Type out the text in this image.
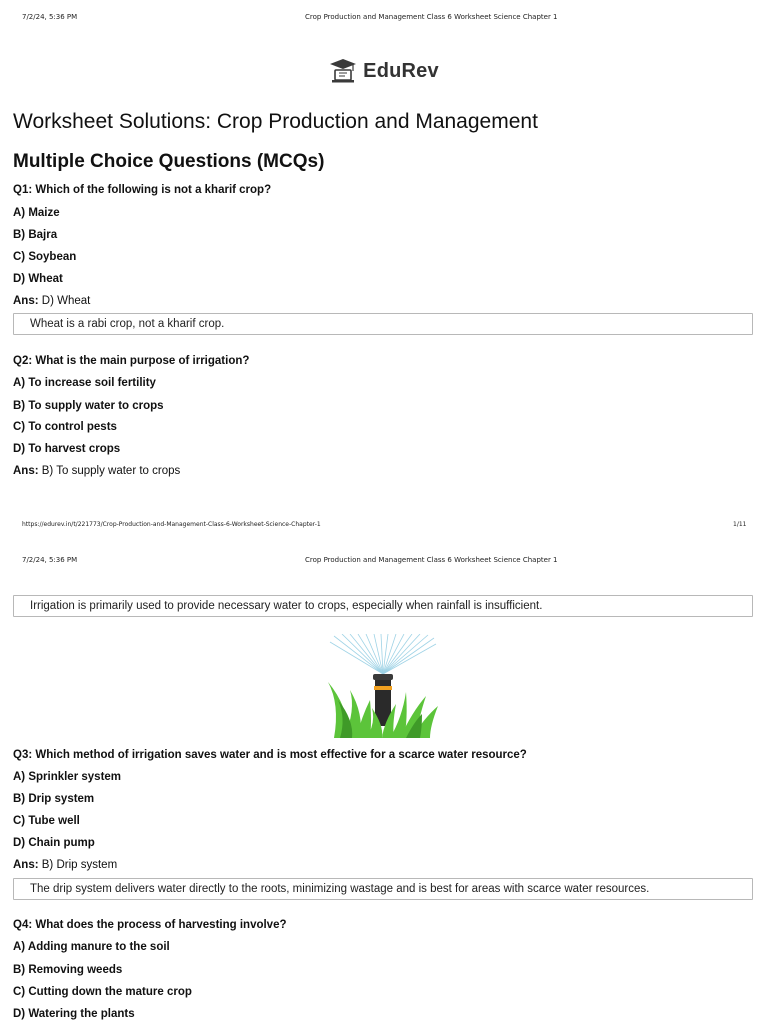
7/2/24, 5:36 PM	Crop Production and Management Class 6 Worksheet Science Chapter 1
EduRev
Worksheet Solutions: Crop Production and Management
Multiple Choice Questions (MCQs)
Q1: Which of the following is not a kharif crop?
A) Maize
B) Bajra
C) Soybean
D) Wheat
Ans: D) Wheat
Wheat is a rabi crop, not a kharif crop.
Q2: What is the main purpose of irrigation?
A) To increase soil fertility
B) To supply water to crops
C) To control pests
D) To harvest crops
Ans: B) To supply water to crops
https://edurev.in/t/221773/Crop-Production-and-Management-Class-6-Worksheet-Science-Chapter-1	1/11
7/2/24, 5:36 PM	Crop Production and Management Class 6 Worksheet Science Chapter 1
Irrigation is primarily used to provide necessary water to crops, especially when rainfall is insufficient.
Q3: Which method of irrigation saves water and is most effective for a scarce water resource?
A) Sprinkler system
B) Drip system
C) Tube well
D) Chain pump
Ans: B) Drip system
The drip system delivers water directly to the roots, minimizing wastage and is best for areas with scarce water resources.
Q4: What does the process of harvesting involve?
A) Adding manure to the soil
B) Removing weeds
C) Cutting down the mature crop
D) Watering the plants
